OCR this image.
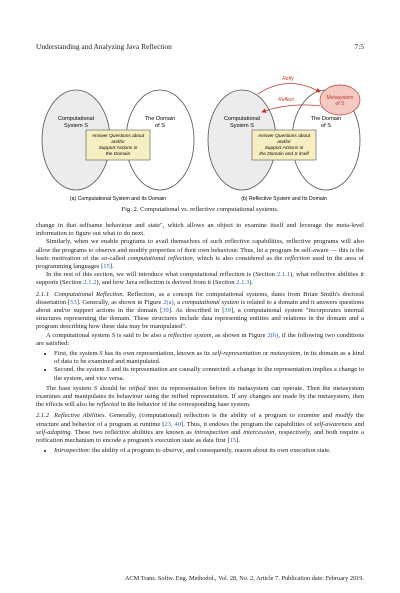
Understanding and Analyzing Java Reflection	7:5
Computational
System S
The Domain
of S
Answer Questions about
and/or
Support Actions in
the Domain
(a) Computational System and Its Domain
Metasystem
of S
Reify
Reflect
Computational
System S
The Domain
of S
Answer Questions about
and/or
Support Actions in
the Domain and S itself
(b) Reflective System and Its Domain
Fig. 2. Computational vs. reflective computational systems.

change in that selfsame behaviour and state", which allows an object to examine itself and leverage the meta-level information to figure out what to do next.

Similarly, when we enable programs to avail themselves of such reflective capabilities, reflective programs will also allow the programs to observe and modify properties of their own behaviour. Thus, let a program be self-aware — this is the basic motivation of the so-called computational reflection, which is also considered as the reflection used in the area of programming languages [15].

In the rest of this section, we will introduce what computational reflection is (Section 2.1.1), what reflective abilities it supports (Section 2.1.2), and how Java reflection is derived from it (Section 2.1.3).

2.1.1 Computational Reflection. Reflection, as a concept for computational systems, dates from Brian Smith's doctoral dissertation [53]. Generally, as shown in Figure 2(a), a computational system is related to a domain and it answers questions about and/or support actions in the domain [39]. As described in [39], a computational system "incorporates internal structures representing the domain. These structures include data representing entities and relations in the domain and a program describing how these data may be manipulated".

A computational system S is said to be also a reflective system, as shown in Figure 2(b), if the following two conditions are satisfied:

• First, the system S has its own representation, known as its self-representation or metasystem, in its domain as a kind of data to be examined and manipulated.
• Second, the system S and its representation are causally connected: a change to the representation implies a change to the system, and vice versa.

The base system S should be reified into its representation before its metasystem can operate. Then the metasystem examines and manipulates its behaviour using the reified representation. If any changes are made by the metasystem, then the effects will also be reflected in the behavior of the corresponding base system.

2.1.2 Reflective Abilities. Generally, (computational) reflection is the ability of a program to examine and modify the structure and behavior of a program at runtime [23, 40]. Thus, it endows the program the capabilities of self-awareness and self-adapting. These two reflective abilities are known as introspection and intercession, respectively, and both require a reification mechanism to encode a program's execution state as data first [15].

• Introspection: the ability of a program to observe, and consequently, reason about its own execution state.
ACM Trans. Softw. Eng. Methodol., Vol. 28, No. 2, Article 7. Publication date: February 2019.
